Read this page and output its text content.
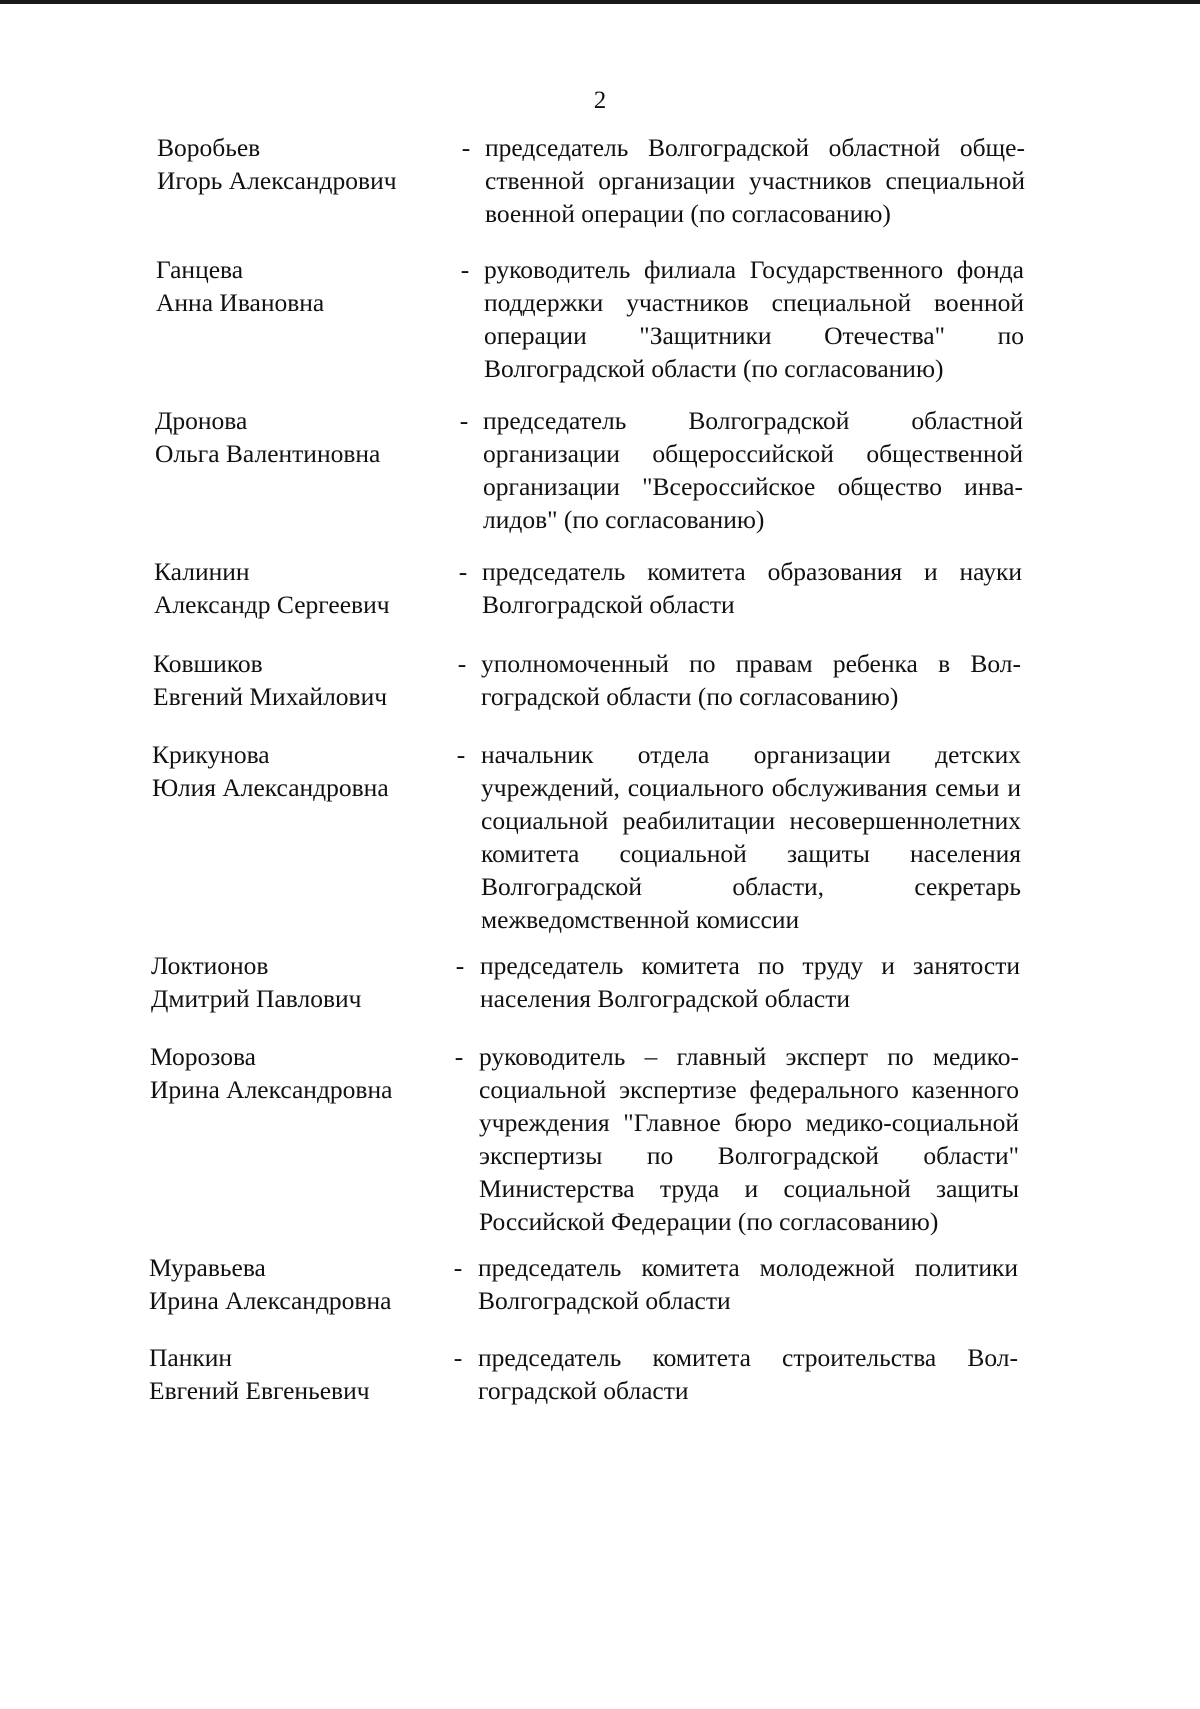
2
Воробьев
Игорь Александрович
- председатель Волгоградской областной общественной организации участников специальной военной операции (по согласованию)
Ганцева
Анна Ивановна
- руководитель филиала Государственного фонда поддержки участников специальной военной операции "Защитники Отечества" по Волгоградской области (по согласованию)
Дронова
Ольга Валентиновна
- председатель Волгоградской областной организации общероссийской общественной организации "Всероссийское общество инвалидов" (по согласованию)
Калинин
Александр Сергеевич
- председатель комитета образования и науки Волгоградской области
Ковшиков
Евгений Михайлович
- уполномоченный по правам ребенка в Волгоградской области (по согласованию)
Крикунова
Юлия Александровна
- начальник отдела организации детских учреждений, социального обслуживания семьи и социальной реабилитации несовершеннолетних комитета социальной защиты населения Волгоградской области, секретарь межведомственной комиссии
Локтионов
Дмитрий Павлович
- председатель комитета по труду и занятости населения Волгоградской области
Морозова
Ирина Александровна
- руководитель – главный эксперт по медико-социальной экспертизе федерального казенного учреждения "Главное бюро медико-социальной экспертизы по Волгоградской области" Министерства труда и социальной защиты Российской Федерации (по согласованию)
Муравьева
Ирина Александровна
- председатель комитета молодежной политики Волгоградской области
Панкин
Евгений Евгеньевич
- председатель комитета строительства Волгоградской области
